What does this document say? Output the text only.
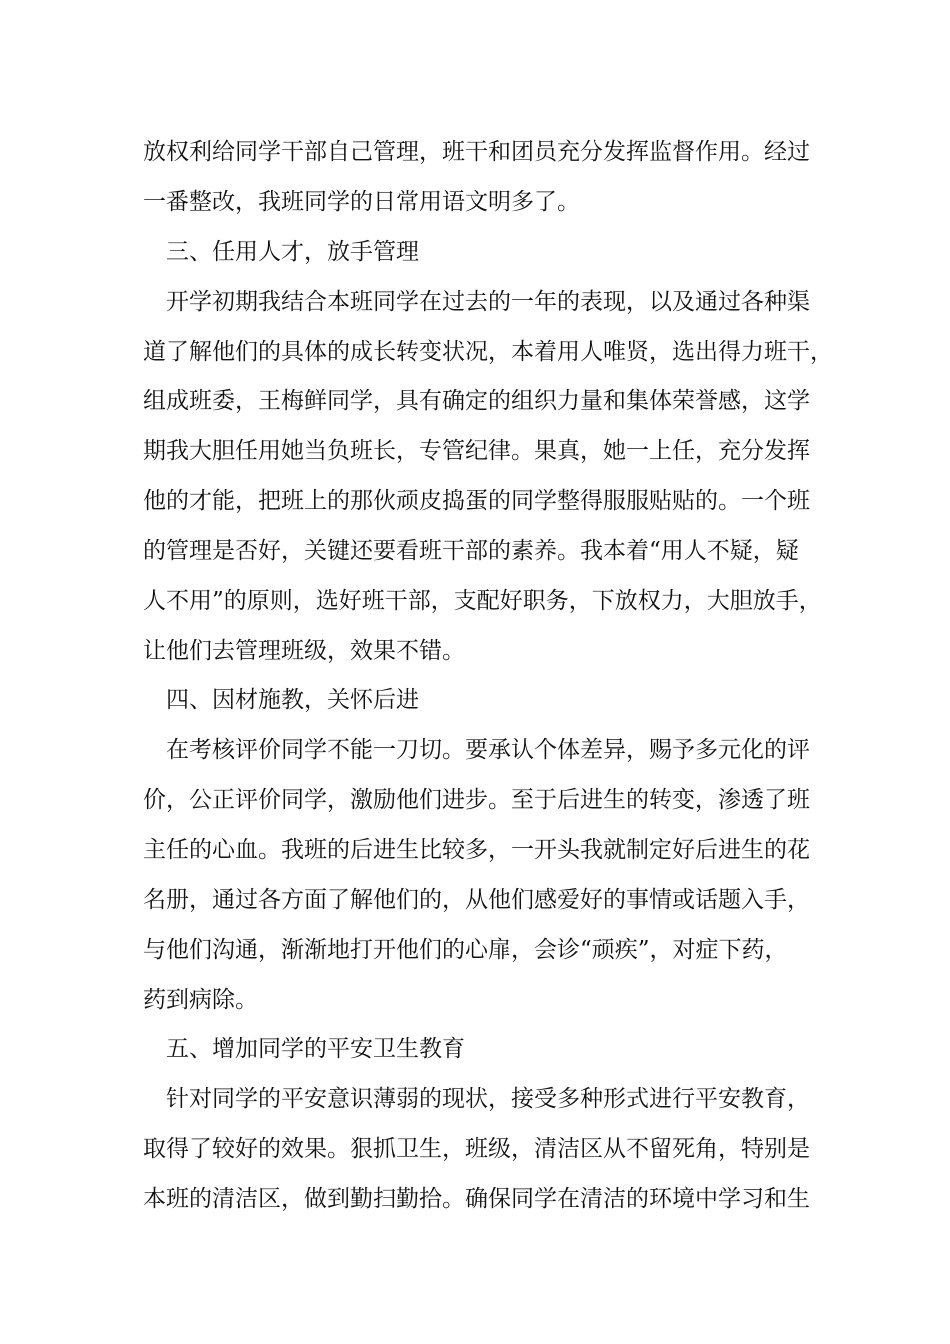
放权利给同学干部自己管理，班干和团员充分发挥监督作用。经过
一番整改，我班同学的日常用语文明多了。
三、任用人才，放手管理
开学初期我结合本班同学在过去的一年的表现，以及通过各种渠
道了解他们的具体的成长转变状况，本着用人唯贤，选出得力班干，
组成班委，王梅鲜同学，具有确定的组织力量和集体荣誉感，这学
期我大胆任用她当负班长，专管纪律。果真，她一上任，充分发挥
他的才能，把班上的那伙顽皮捣蛋的同学整得服服贴贴的。一个班
的管理是否好，关键还要看班干部的素养。我本着“用人不疑，疑
人不用”的原则，选好班干部，支配好职务，下放权力，大胆放手，
让他们去管理班级，效果不错。
四、因材施教，关怀后进
在考核评价同学不能一刀切。要承认个体差异，赐予多元化的评
价，公正评价同学，激励他们进步。至于后进生的转变，渗透了班
主任的心血。我班的后进生比较多，一开头我就制定好后进生的花
名册，通过各方面了解他们的，从他们感爱好的事情或话题入手，
与他们沟通，渐渐地打开他们的心扉，会诊“顽疾”，对症下药，
药到病除。
五、增加同学的平安卫生教育
针对同学的平安意识薄弱的现状，接受多种形式进行平安教育，
取得了较好的效果。狠抓卫生，班级，清洁区从不留死角，特别是
本班的清洁区，做到勤扫勤拾。确保同学在清洁的环境中学习和生
